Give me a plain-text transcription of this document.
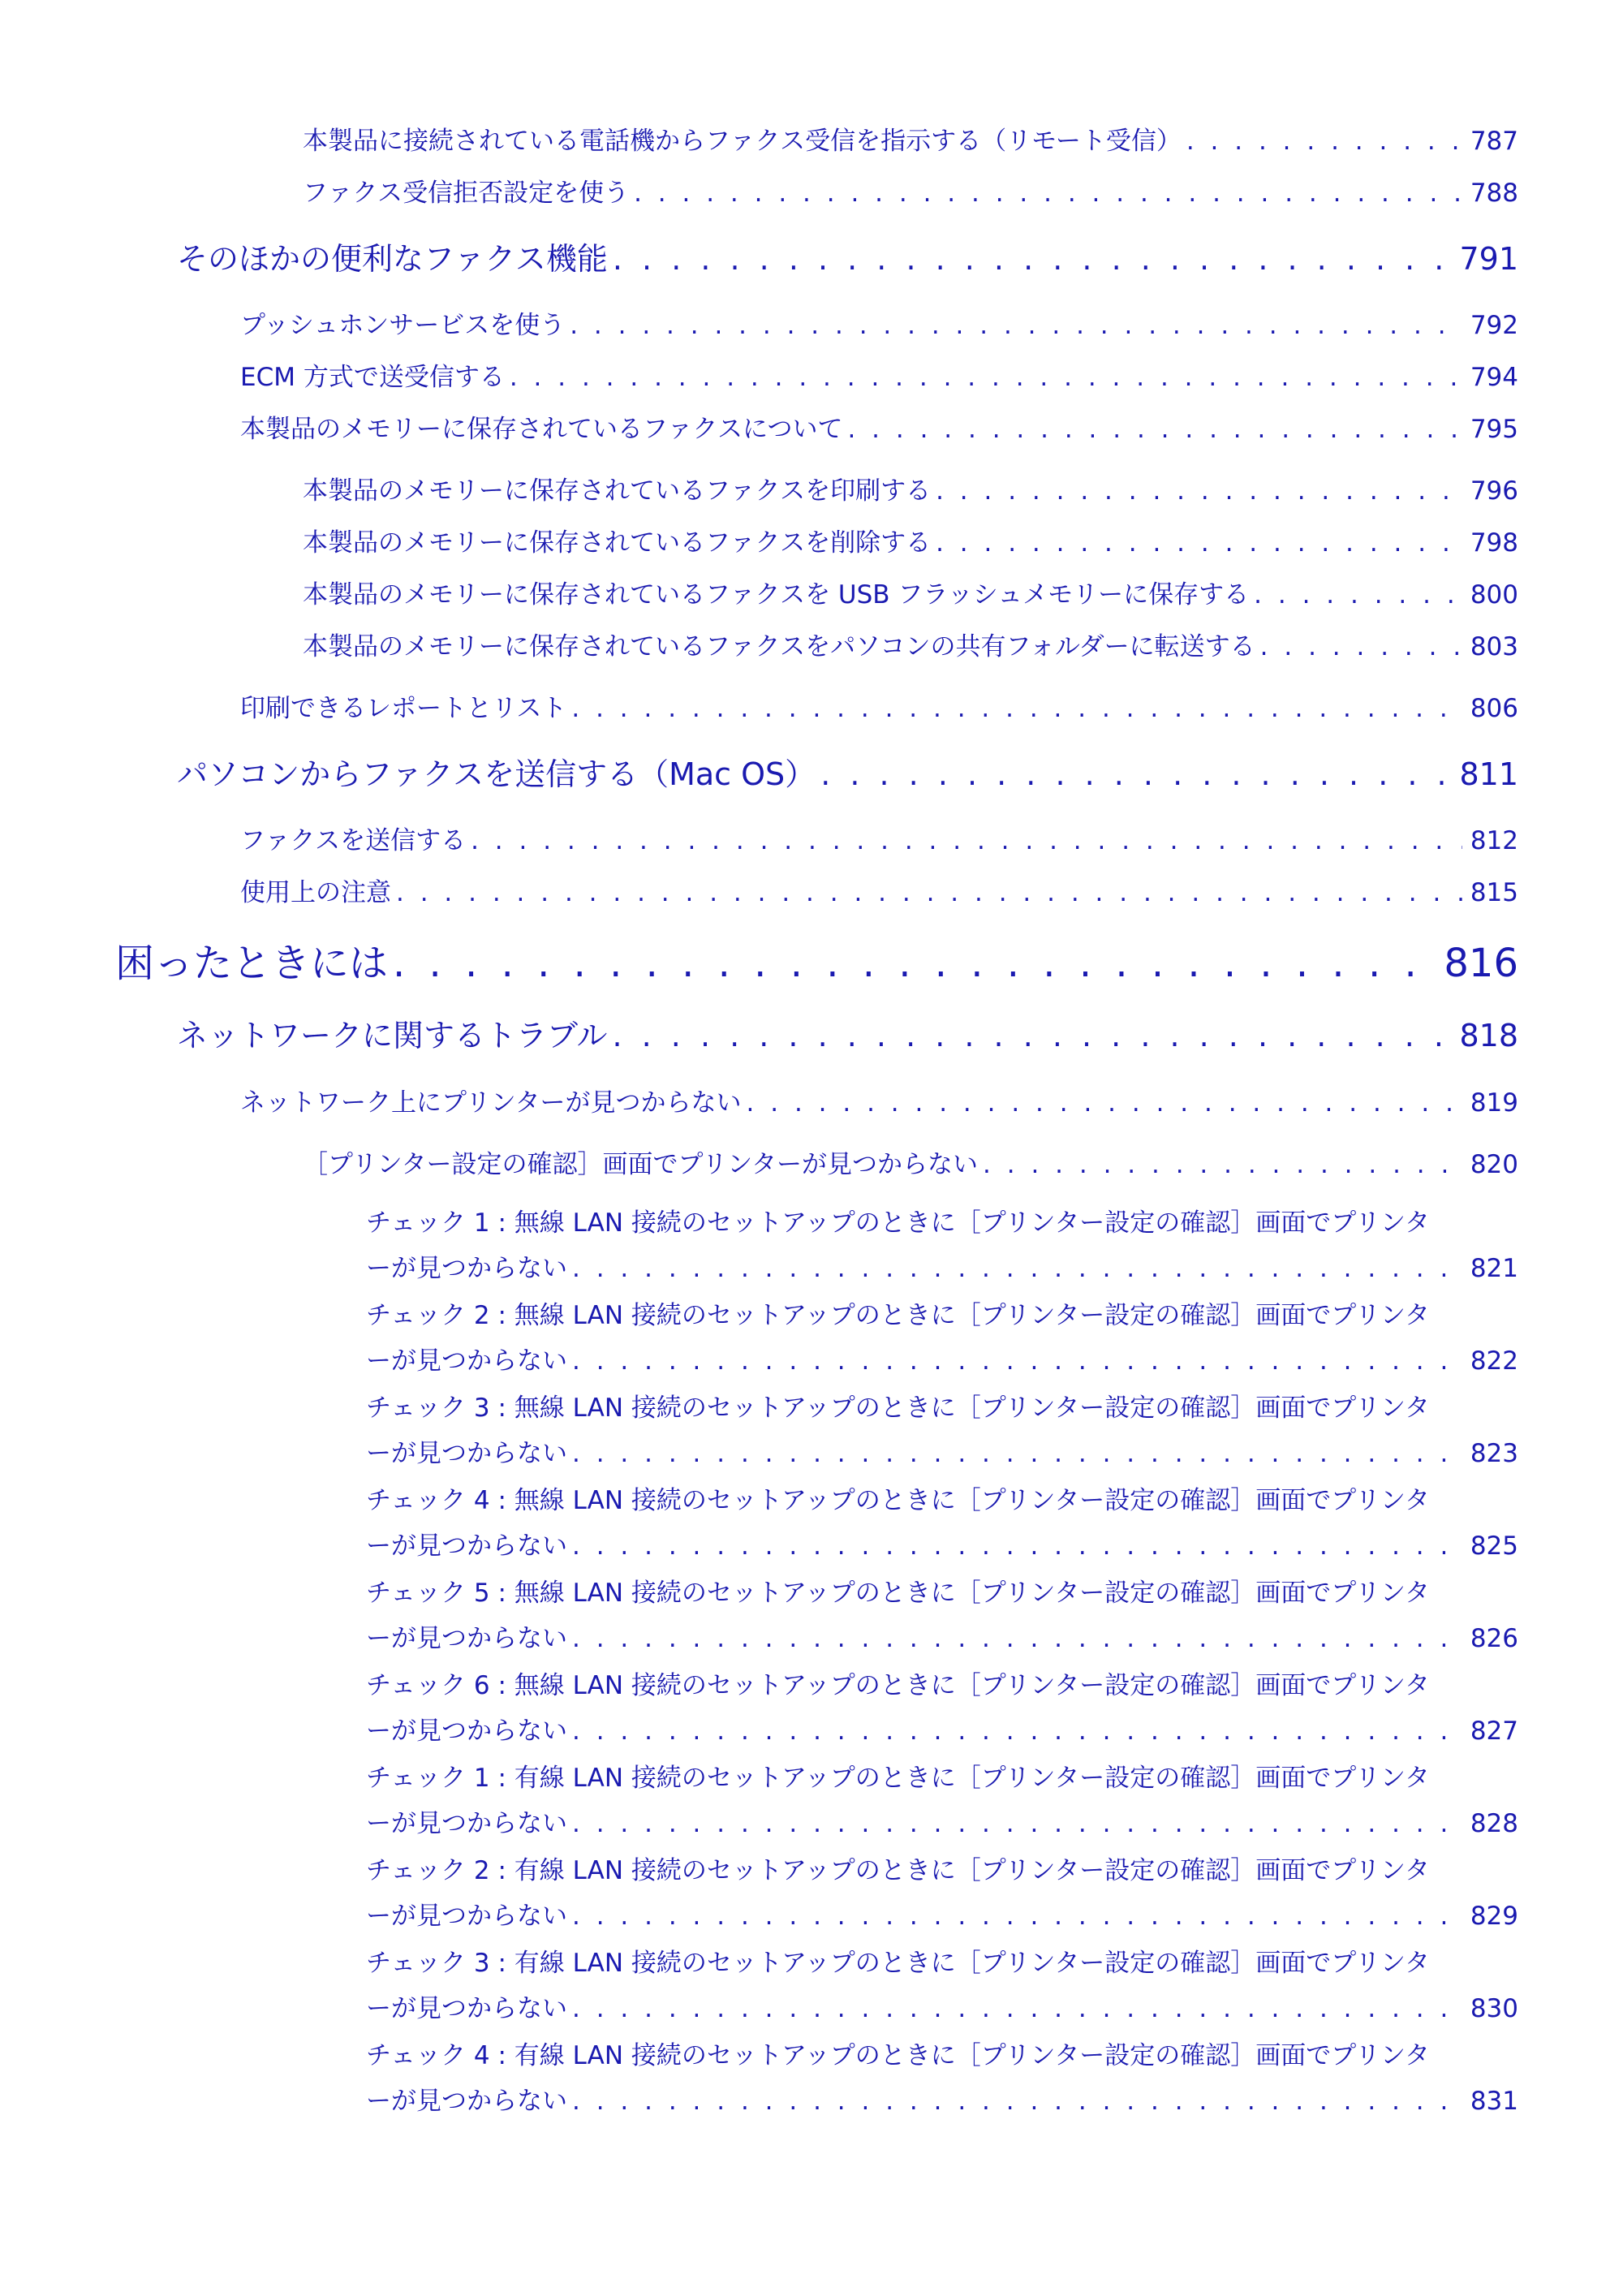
本製品に接続されている電話機からファクス受信を指示する（リモート受信） . . .	787
ファクス受信拒否設定を使う . . .	788
そのほかの便利なファクス機能 . . .	791
プッシュホンサービスを使う . . .	792
ECM 方式で送受信する . . .	794
本製品のメモリーに保存されているファクスについて . . .	795
本製品のメモリーに保存されているファクスを印刷する . . .	796
本製品のメモリーに保存されているファクスを削除する . . .	798
本製品のメモリーに保存されているファクスを USB フラッシュメモリーに保存する . . .	800
本製品のメモリーに保存されているファクスをパソコンの共有フォルダーに転送する . . .	803
印刷できるレポートとリスト . . .	806
パソコンからファクスを送信する（Mac OS） . . .	811
ファクスを送信する . . .	812
使用上の注意 . . .	815
困ったときには . . .	816
ネットワークに関するトラブル . . .	818
ネットワーク上にプリンターが見つからない . . .	819
［プリンター設定の確認］画面でプリンターが見つからない . . .	820
チェック 1 : 無線 LAN 接続のセットアップのときに［プリンター設定の確認］画面でプリンタ
ーが見つからない . . .	821
チェック 2 : 無線 LAN 接続のセットアップのときに［プリンター設定の確認］画面でプリンタ
ーが見つからない . . .	822
チェック 3 : 無線 LAN 接続のセットアップのときに［プリンター設定の確認］画面でプリンタ
ーが見つからない . . .	823
チェック 4 : 無線 LAN 接続のセットアップのときに［プリンター設定の確認］画面でプリンタ
ーが見つからない . . .	825
チェック 5 : 無線 LAN 接続のセットアップのときに［プリンター設定の確認］画面でプリンタ
ーが見つからない . . .	826
チェック 6 : 無線 LAN 接続のセットアップのときに［プリンター設定の確認］画面でプリンタ
ーが見つからない . . .	827
チェック 1 : 有線 LAN 接続のセットアップのときに［プリンター設定の確認］画面でプリンタ
ーが見つからない . . .	828
チェック 2 : 有線 LAN 接続のセットアップのときに［プリンター設定の確認］画面でプリンタ
ーが見つからない . . .	829
チェック 3 : 有線 LAN 接続のセットアップのときに［プリンター設定の確認］画面でプリンタ
ーが見つからない . . .	830
チェック 4 : 有線 LAN 接続のセットアップのときに［プリンター設定の確認］画面でプリンタ
ーが見つからない . . .	831
